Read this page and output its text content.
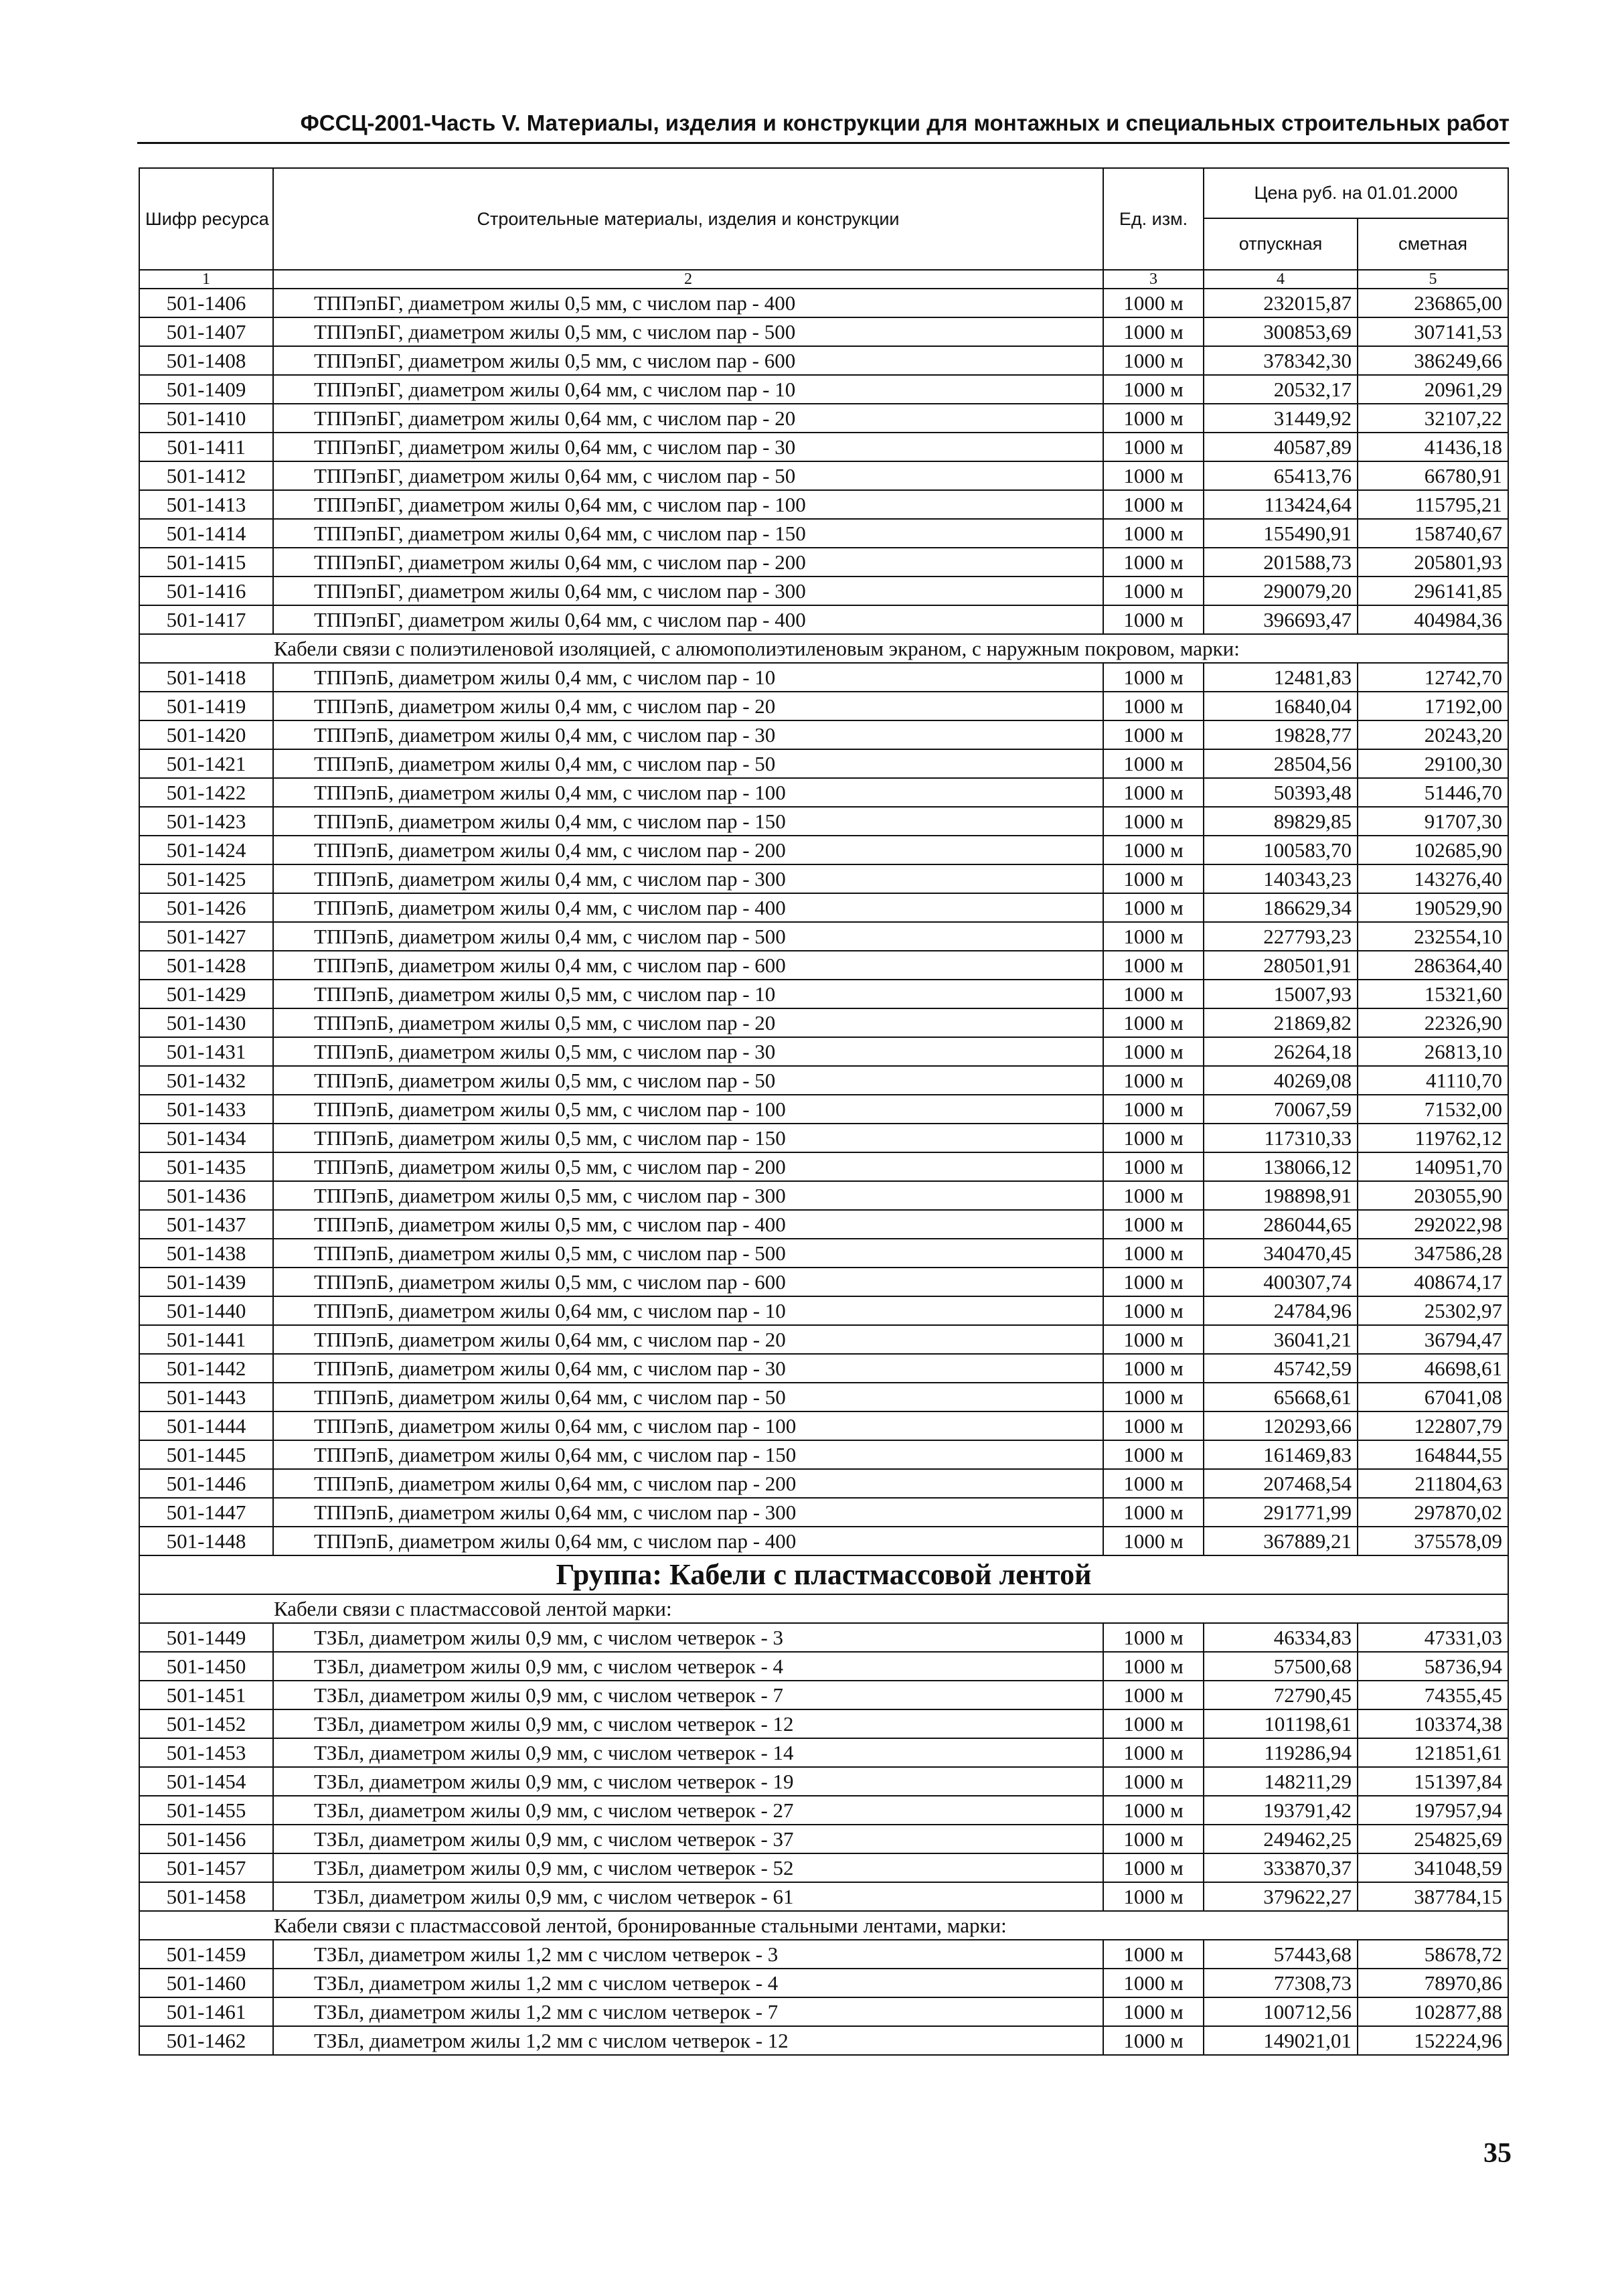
ФССЦ-2001-Часть V. Материалы, изделия и конструкции для монтажных и специальных строительных работ
Шифр ресурса	Строительные материалы, изделия и конструкции	Ед. изм.	Цена руб. на 01.01.2000	
			отпускная	сметная
1	2	3	4	5
501-1406	ТППэпБГ, диаметром жилы 0,5 мм, с числом пар - 400	1000 м	232015,87	236865,00
501-1407	ТППэпБГ, диаметром жилы 0,5 мм, с числом пар - 500	1000 м	300853,69	307141,53
501-1408	ТППэпБГ, диаметром жилы 0,5 мм, с числом пар - 600	1000 м	378342,30	386249,66
501-1409	ТППэпБГ, диаметром жилы 0,64 мм, с числом пар - 10	1000 м	20532,17	20961,29
501-1410	ТППэпБГ, диаметром жилы 0,64 мм, с числом пар - 20	1000 м	31449,92	32107,22
501-1411	ТППэпБГ, диаметром жилы 0,64 мм, с числом пар - 30	1000 м	40587,89	41436,18
501-1412	ТППэпБГ, диаметром жилы 0,64 мм, с числом пар - 50	1000 м	65413,76	66780,91
501-1413	ТППэпБГ, диаметром жилы 0,64 мм, с числом пар - 100	1000 м	113424,64	115795,21
501-1414	ТППэпБГ, диаметром жилы 0,64 мм, с числом пар - 150	1000 м	155490,91	158740,67
501-1415	ТППэпБГ, диаметром жилы 0,64 мм, с числом пар - 200	1000 м	201588,73	205801,93
501-1416	ТППэпБГ, диаметром жилы 0,64 мм, с числом пар - 300	1000 м	290079,20	296141,85
501-1417	ТППэпБГ, диаметром жилы 0,64 мм, с числом пар - 400	1000 м	396693,47	404984,36
Кабели связи с полиэтиленовой изоляцией, с алюмополиэтиленовым экраном, с наружным покровом, марки:				
501-1418	ТППэпБ, диаметром жилы 0,4 мм, с числом пар - 10	1000 м	12481,83	12742,70
501-1419	ТППэпБ, диаметром жилы 0,4 мм, с числом пар - 20	1000 м	16840,04	17192,00
501-1420	ТППэпБ, диаметром жилы 0,4 мм, с числом пар - 30	1000 м	19828,77	20243,20
501-1421	ТППэпБ, диаметром жилы 0,4 мм, с числом пар - 50	1000 м	28504,56	29100,30
501-1422	ТППэпБ, диаметром жилы 0,4 мм, с числом пар - 100	1000 м	50393,48	51446,70
501-1423	ТППэпБ, диаметром жилы 0,4 мм, с числом пар - 150	1000 м	89829,85	91707,30
501-1424	ТППэпБ, диаметром жилы 0,4 мм, с числом пар - 200	1000 м	100583,70	102685,90
501-1425	ТППэпБ, диаметром жилы 0,4 мм, с числом пар - 300	1000 м	140343,23	143276,40
501-1426	ТППэпБ, диаметром жилы 0,4 мм, с числом пар - 400	1000 м	186629,34	190529,90
501-1427	ТППэпБ, диаметром жилы 0,4 мм, с числом пар - 500	1000 м	227793,23	232554,10
501-1428	ТППэпБ, диаметром жилы 0,4 мм, с числом пар - 600	1000 м	280501,91	286364,40
501-1429	ТППэпБ, диаметром жилы 0,5 мм, с числом пар - 10	1000 м	15007,93	15321,60
501-1430	ТППэпБ, диаметром жилы 0,5 мм, с числом пар - 20	1000 м	21869,82	22326,90
501-1431	ТППэпБ, диаметром жилы 0,5 мм, с числом пар - 30	1000 м	26264,18	26813,10
501-1432	ТППэпБ, диаметром жилы 0,5 мм, с числом пар - 50	1000 м	40269,08	41110,70
501-1433	ТППэпБ, диаметром жилы 0,5 мм, с числом пар - 100	1000 м	70067,59	71532,00
501-1434	ТППэпБ, диаметром жилы 0,5 мм, с числом пар - 150	1000 м	117310,33	119762,12
501-1435	ТППэпБ, диаметром жилы 0,5 мм, с числом пар - 200	1000 м	138066,12	140951,70
501-1436	ТППэпБ, диаметром жилы 0,5 мм, с числом пар - 300	1000 м	198898,91	203055,90
501-1437	ТППэпБ, диаметром жилы 0,5 мм, с числом пар - 400	1000 м	286044,65	292022,98
501-1438	ТППэпБ, диаметром жилы 0,5 мм, с числом пар - 500	1000 м	340470,45	347586,28
501-1439	ТППэпБ, диаметром жилы 0,5 мм, с числом пар - 600	1000 м	400307,74	408674,17
501-1440	ТППэпБ, диаметром жилы 0,64 мм, с числом пар - 10	1000 м	24784,96	25302,97
501-1441	ТППэпБ, диаметром жилы 0,64 мм, с числом пар - 20	1000 м	36041,21	36794,47
501-1442	ТППэпБ, диаметром жилы 0,64 мм, с числом пар - 30	1000 м	45742,59	46698,61
501-1443	ТППэпБ, диаметром жилы 0,64 мм, с числом пар - 50	1000 м	65668,61	67041,08
501-1444	ТППэпБ, диаметром жилы 0,64 мм, с числом пар - 100	1000 м	120293,66	122807,79
501-1445	ТППэпБ, диаметром жилы 0,64 мм, с числом пар - 150	1000 м	161469,83	164844,55
501-1446	ТППэпБ, диаметром жилы 0,64 мм, с числом пар - 200	1000 м	207468,54	211804,63
501-1447	ТППэпБ, диаметром жилы 0,64 мм, с числом пар - 300	1000 м	291771,99	297870,02
501-1448	ТППэпБ, диаметром жилы 0,64 мм, с числом пар - 400	1000 м	367889,21	375578,09
Группа: Кабели с пластмассовой лентой				
Кабели связи с пластмассовой лентой марки:				
501-1449	ТЗБл, диаметром жилы 0,9 мм, с числом четверок - 3	1000 м	46334,83	47331,03
501-1450	ТЗБл, диаметром жилы 0,9 мм, с числом четверок - 4	1000 м	57500,68	58736,94
501-1451	ТЗБл, диаметром жилы 0,9 мм, с числом четверок - 7	1000 м	72790,45	74355,45
501-1452	ТЗБл, диаметром жилы 0,9 мм, с числом четверок - 12	1000 м	101198,61	103374,38
501-1453	ТЗБл, диаметром жилы 0,9 мм, с числом четверок - 14	1000 м	119286,94	121851,61
501-1454	ТЗБл, диаметром жилы 0,9 мм, с числом четверок - 19	1000 м	148211,29	151397,84
501-1455	ТЗБл, диаметром жилы 0,9 мм, с числом четверок - 27	1000 м	193791,42	197957,94
501-1456	ТЗБл, диаметром жилы 0,9 мм, с числом четверок - 37	1000 м	249462,25	254825,69
501-1457	ТЗБл, диаметром жилы 0,9 мм, с числом четверок - 52	1000 м	333870,37	341048,59
501-1458	ТЗБл, диаметром жилы 0,9 мм, с числом четверок - 61	1000 м	379622,27	387784,15
Кабели связи с пластмассовой лентой, бронированные стальными лентами, марки:				
501-1459	ТЗБл, диаметром жилы 1,2 мм с числом четверок - 3	1000 м	57443,68	58678,72
501-1460	ТЗБл, диаметром жилы 1,2 мм с числом четверок - 4	1000 м	77308,73	78970,86
501-1461	ТЗБл, диаметром жилы 1,2 мм с числом четверок - 7	1000 м	100712,56	102877,88
501-1462	ТЗБл, диаметром жилы 1,2 мм с числом четверок - 12	1000 м	149021,01	152224,96
35
